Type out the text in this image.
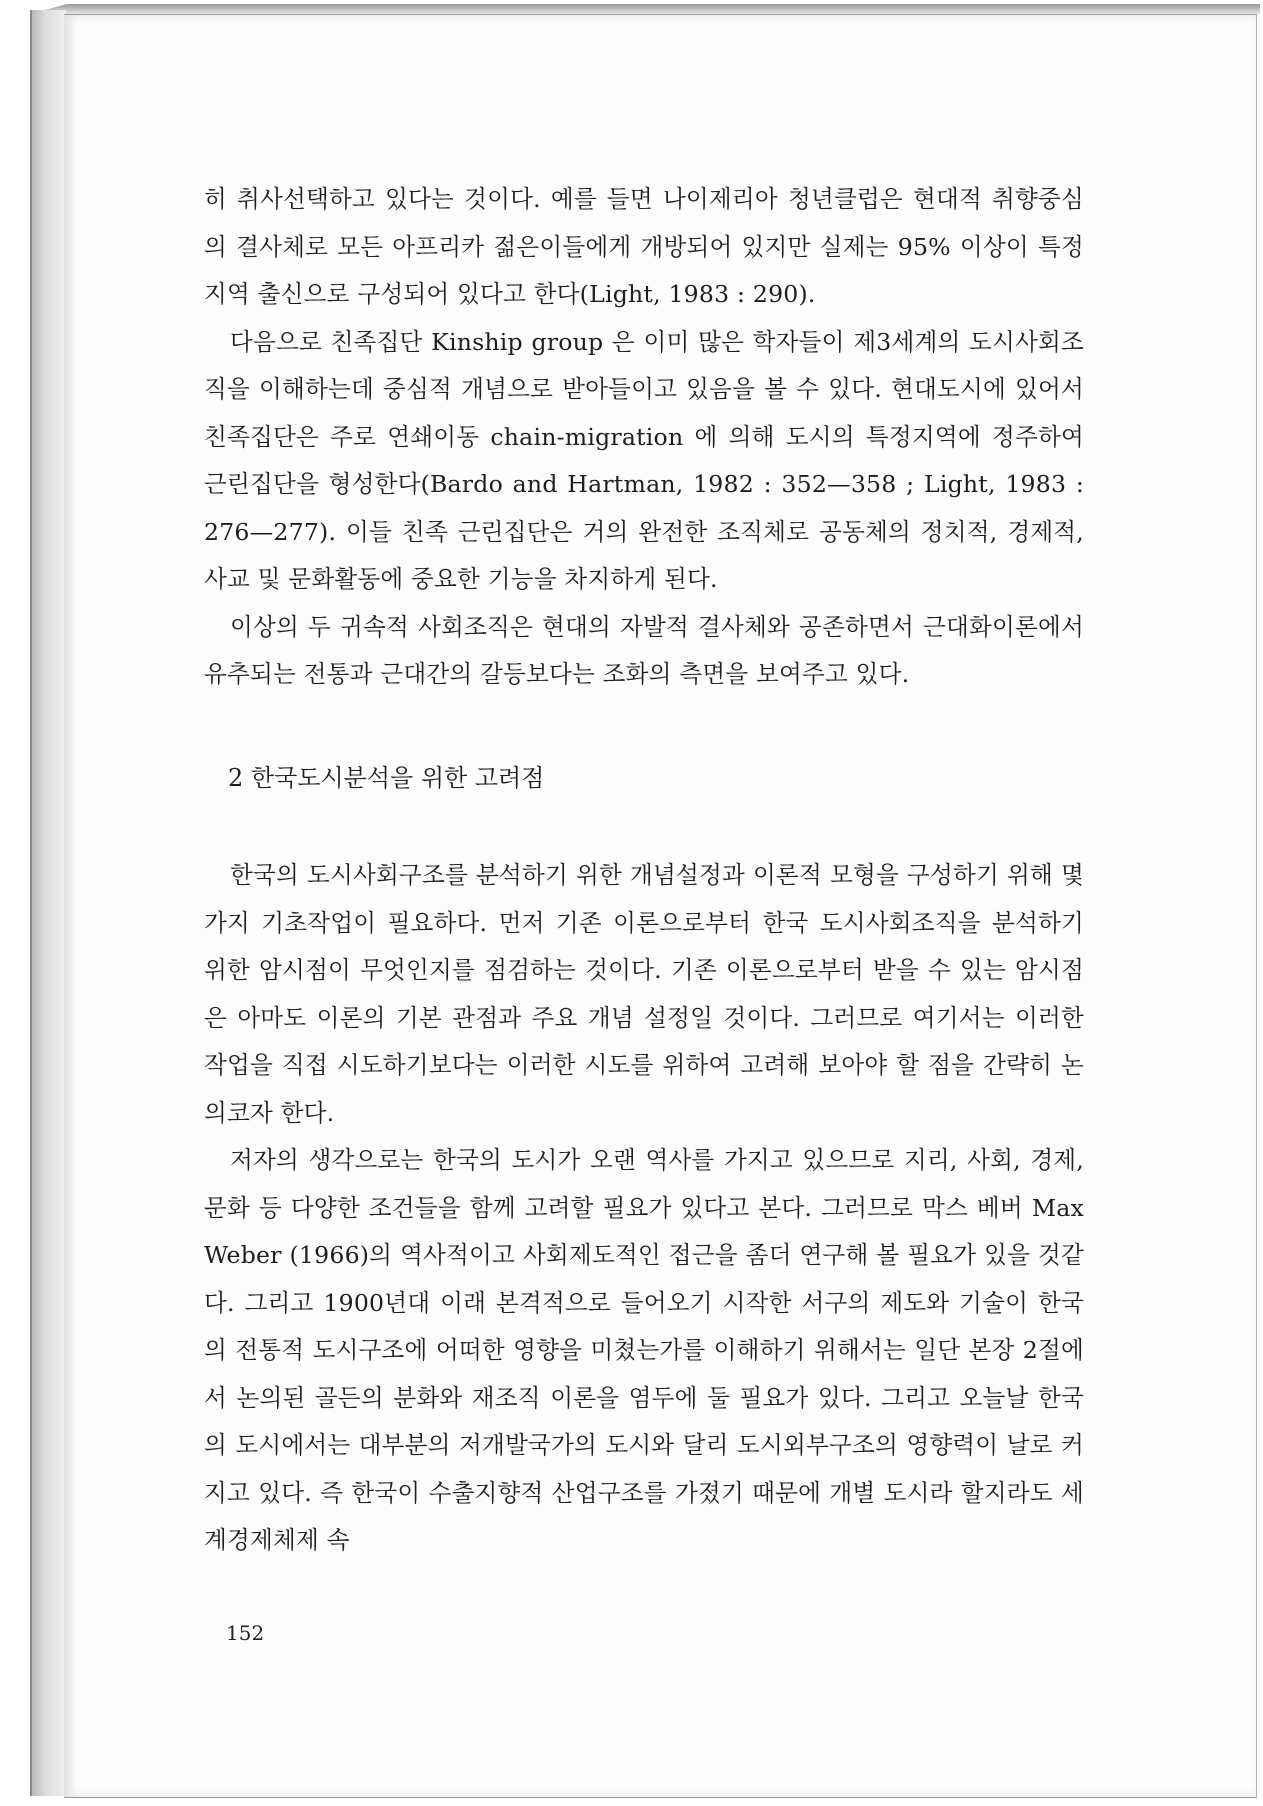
히 취사선택하고 있다는 것이다. 예를 들면 나이제리아 청년클럽은 현대적 취향중심의 결사체로 모든 아프리카 젊은이들에게 개방되어 있지만 실제는 95% 이상이 특정 지역 출신으로 구성되어 있다고 한다(Light, 1983 : 290).

다음으로 친족집단 Kinship group 은 이미 많은 학자들이 제3세계의 도시사회조직을 이해하는데 중심적 개념으로 받아들이고 있음을 볼 수 있다. 현대도시에 있어서 친족집단은 주로 연쇄이동 chain-migration 에 의해 도시의 특정지역에 정주하여 근린집단을 형성한다(Bardo and Hartman, 1982 : 352—358 ; Light, 1983 : 276—277). 이들 친족 근린집단은 거의 완전한 조직체로 공동체의 정치적, 경제적, 사교 및 문화활동에 중요한 기능을 차지하게 된다.

이상의 두 귀속적 사회조직은 현대의 자발적 결사체와 공존하면서 근대화이론에서 유추되는 전통과 근대간의 갈등보다는 조화의 측면을 보여주고 있다.

2 한국도시분석을 위한 고려점

한국의 도시사회구조를 분석하기 위한 개념설정과 이론적 모형을 구성하기 위해 몇가지 기초작업이 필요하다. 먼저 기존 이론으로부터 한국 도시사회조직을 분석하기 위한 암시점이 무엇인지를 점검하는 것이다. 기존 이론으로부터 받을 수 있는 암시점은 아마도 이론의 기본 관점과 주요 개념 설정일 것이다. 그러므로 여기서는 이러한 작업을 직접 시도하기보다는 이러한 시도를 위하여 고려해 보아야 할 점을 간략히 논의코자 한다.

저자의 생각으로는 한국의 도시가 오랜 역사를 가지고 있으므로 지리, 사회, 경제, 문화 등 다양한 조건들을 함께 고려할 필요가 있다고 본다. 그러므로 막스 베버 Max Weber (1966)의 역사적이고 사회제도적인 접근을 좀더 연구해 볼 필요가 있을 것같다. 그리고 1900년대 이래 본격적으로 들어오기 시작한 서구의 제도와 기술이 한국의 전통적 도시구조에 어떠한 영향을 미쳤는가를 이해하기 위해서는 일단 본장 2절에서 논의된 골든의 분화와 재조직 이론을 염두에 둘 필요가 있다. 그리고 오늘날 한국의 도시에서는 대부분의 저개발국가의 도시와 달리 도시외부구조의 영향력이 날로 커지고 있다. 즉 한국이 수출지향적 산업구조를 가졌기 때문에 개별 도시라 할지라도 세계경제체제 속

152
